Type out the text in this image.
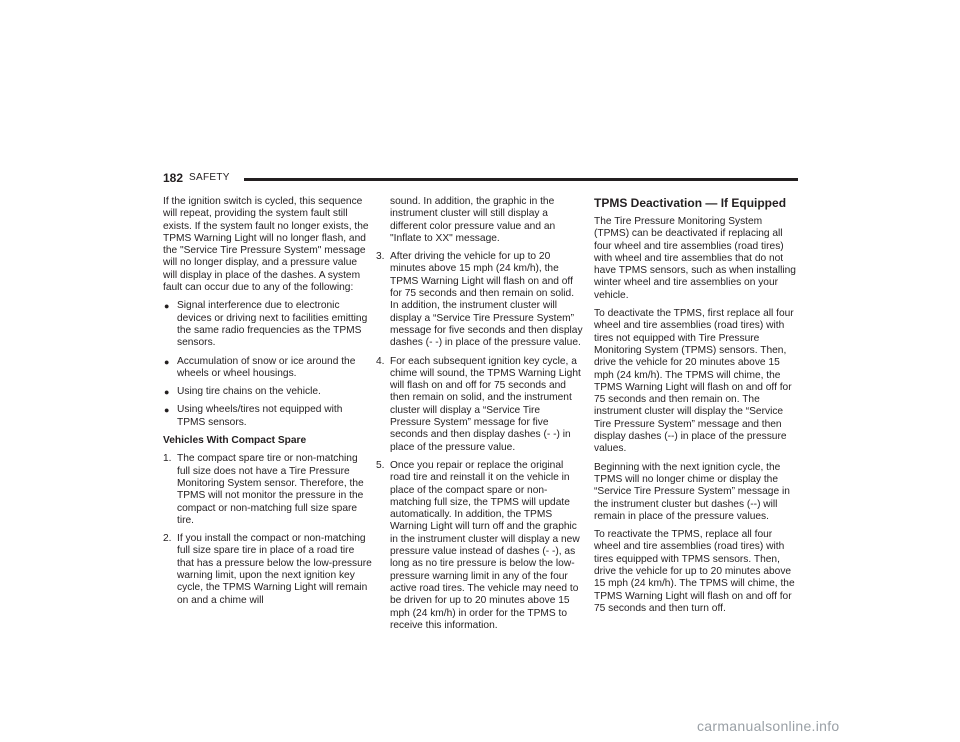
182 SAFETY

If the ignition switch is cycled, this sequence will repeat, providing the system fault still exists. If the system fault no longer exists, the TPMS Warning Light will no longer flash, and the "Service Tire Pressure System" message will no longer display, and a pressure value will display in place of the dashes. A system fault can occur due to any of the following:

● Signal interference due to electronic devices or driving next to facilities emitting the same radio frequencies as the TPMS sensors.
● Accumulation of snow or ice around the wheels or wheel housings.
● Using tire chains on the vehicle.
● Using wheels/tires not equipped with TPMS sensors.

Vehicles With Compact Spare

1. The compact spare tire or non-matching full size does not have a Tire Pressure Monitoring System sensor. Therefore, the TPMS will not monitor the pressure in the compact or non-matching full size spare tire.
2. If you install the compact or non-matching full size spare tire in place of a road tire that has a pressure below the low-pressure warning limit, upon the next ignition key cycle, the TPMS Warning Light will remain on and a chime will

sound. In addition, the graphic in the instrument cluster will still display a different color pressure value and an "Inflate to XX" message.

3. After driving the vehicle for up to 20 minutes above 15 mph (24 km/h), the TPMS Warning Light will flash on and off for 75 seconds and then remain on solid. In addition, the instrument cluster will display a “Service Tire Pressure System” message for five seconds and then display dashes (- -) in place of the pressure value.
4. For each subsequent ignition key cycle, a chime will sound, the TPMS Warning Light will flash on and off for 75 seconds and then remain on solid, and the instrument cluster will display a “Service Tire Pressure System” message for five seconds and then display dashes (- -) in place of the pressure value.
5. Once you repair or replace the original road tire and reinstall it on the vehicle in place of the compact spare or non-matching full size, the TPMS will update automatically. In addition, the TPMS Warning Light will turn off and the graphic in the instrument cluster will display a new pressure value instead of dashes (- -), as long as no tire pressure is below the low-pressure warning limit in any of the four active road tires. The vehicle may need to be driven for up to 20 minutes above 15 mph (24 km/h) in order for the TPMS to receive this information.

TPMS Deactivation — If Equipped

The Tire Pressure Monitoring System (TPMS) can be deactivated if replacing all four wheel and tire assemblies (road tires) with wheel and tire assemblies that do not have TPMS sensors, such as when installing winter wheel and tire assemblies on your vehicle.

To deactivate the TPMS, first replace all four wheel and tire assemblies (road tires) with tires not equipped with Tire Pressure Monitoring System (TPMS) sensors. Then, drive the vehicle for 20 minutes above 15 mph (24 km/h). The TPMS will chime, the TPMS Warning Light will flash on and off for 75 seconds and then remain on. The instrument cluster will display the “Service Tire Pressure System” message and then display dashes (--) in place of the pressure values.

Beginning with the next ignition cycle, the TPMS will no longer chime or display the “Service Tire Pressure System” message in the instrument cluster but dashes (--) will remain in place of the pressure values.

To reactivate the TPMS, replace all four wheel and tire assemblies (road tires) with tires equipped with TPMS sensors. Then, drive the vehicle for up to 20 minutes above 15 mph (24 km/h). The TPMS will chime, the TPMS Warning Light will flash on and off for 75 seconds and then turn off.

carmanualsonline.info
